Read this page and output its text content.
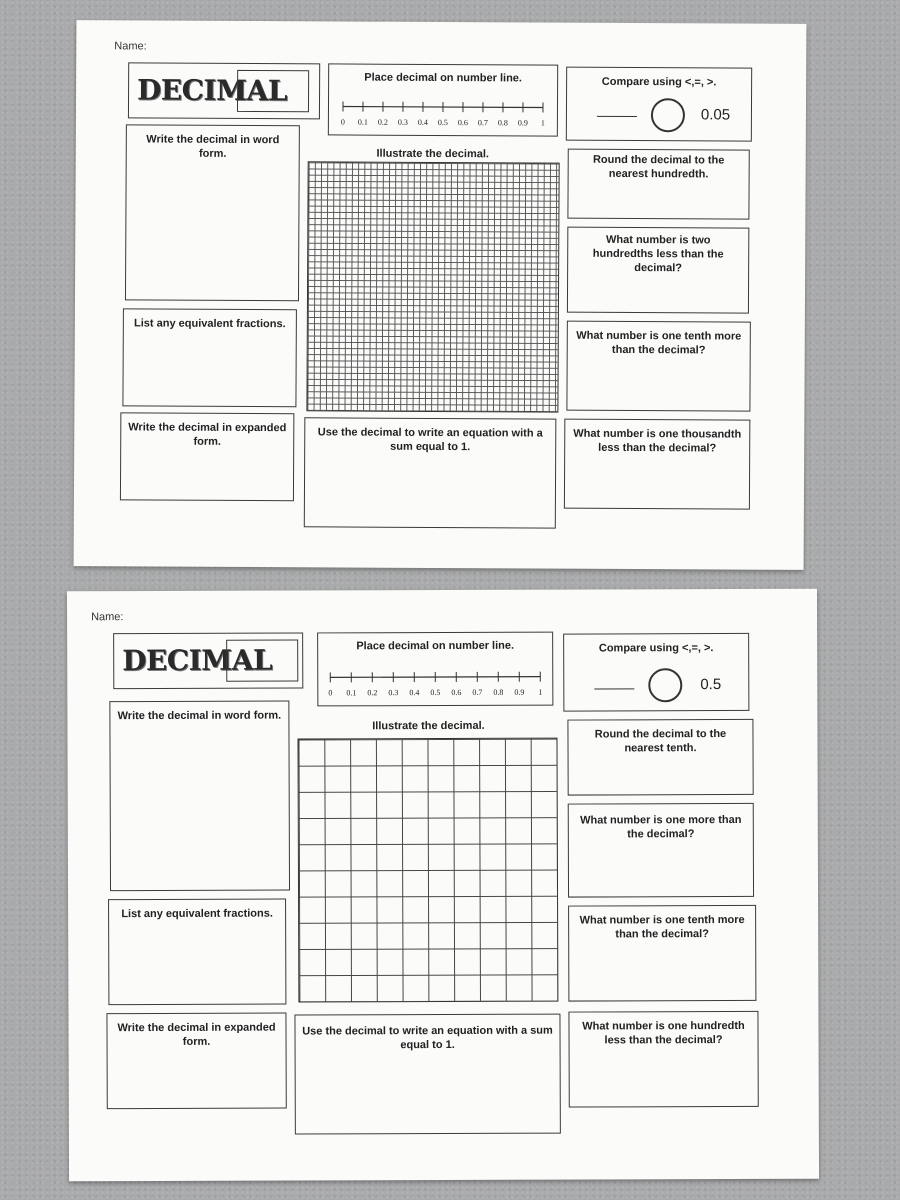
Name:
DECIMAL	Place decimal on number line.
0 0.1 0.2 0.3 0.4 0.5 0.6 0.7 0.8 0.9 1
Compare using <,=, >.
0.05
Write the decimal in word form.	Illustrate the decimal.	Round the decimal to the nearest hundredth.
What number is two hundredths less than the decimal?
List any equivalent fractions.
What number is one tenth more than the decimal?
Write the decimal in expanded form.
Use the decimal to write an equation with a sum equal to 1.
What number is one thousandth less than the decimal?
Name:
DECIMAL	Place decimal on number line.
0 0.1 0.2 0.3 0.4 0.5 0.6 0.7 0.8 0.9 1
Compare using <,=, >.
0.5
Write the decimal in word form.
Illustrate the decimal.
Round the decimal to the nearest tenth.
What number is one more than the decimal?
List any equivalent fractions.
What number is one tenth more than the decimal?
Write the decimal in expanded form.
Use the decimal to write an equation with a sum equal to 1.
What number is one hundredth less than the decimal?
